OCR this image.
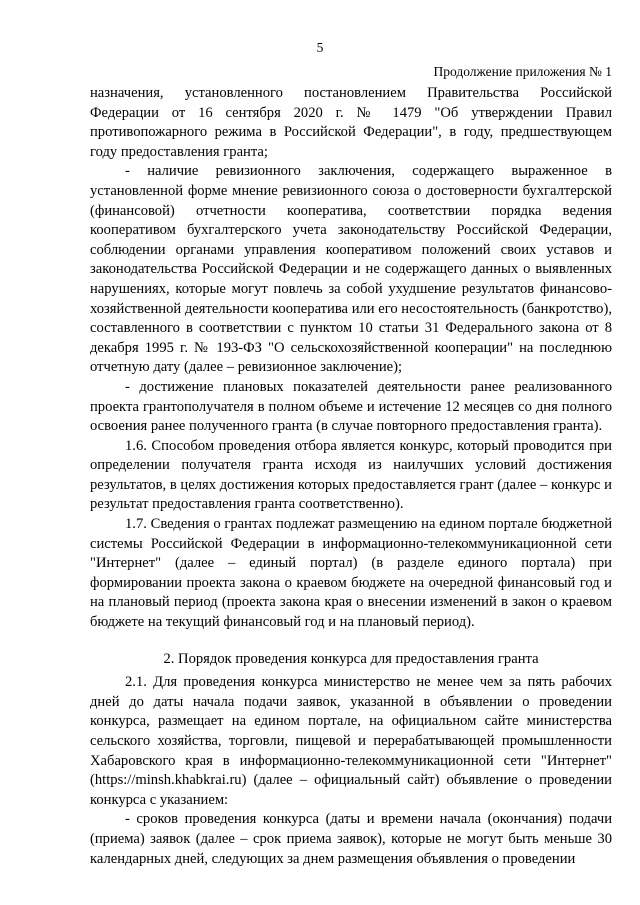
5
Продолжение приложения № 1

назначения, установленного постановлением Правительства Российской Федерации от 16 сентября 2020 г. № 1479 "Об утверждении Правил противопожарного режима в Российской Федерации", в году, предшествующем году предоставления гранта;

- наличие ревизионного заключения, содержащего выраженное в установленной форме мнение ревизионного союза о достоверности бухгалтерской (финансовой) отчетности кооператива, соответствии порядка ведения кооперативом бухгалтерского учета законодательству Российской Федерации, соблюдении органами управления кооперативом положений своих уставов и законодательства Российской Федерации и не содержащего данных о выявленных нарушениях, которые могут повлечь за собой ухудшение результатов финансово-хозяйственной деятельности кооператива или его несостоятельность (банкротство), составленного в соответствии с пунктом 10 статьи 31 Федерального закона от 8 декабря 1995 г. № 193-ФЗ "О сельскохозяйственной кооперации" на последнюю отчетную дату (далее – ревизионное заключение);

- достижение плановых показателей деятельности ранее реализованного проекта грантополучателя в полном объеме и истечение 12 месяцев со дня полного освоения ранее полученного гранта (в случае повторного предоставления гранта).

1.6. Способом проведения отбора является конкурс, который проводится при определении получателя гранта исходя из наилучших условий достижения результатов, в целях достижения которых предоставляется грант (далее – конкурс и результат предоставления гранта соответственно).

1.7. Сведения о грантах подлежат размещению на едином портале бюджетной системы Российской Федерации в информационно-телекоммуникационной сети "Интернет" (далее – единый портал) (в разделе единого портала) при формировании проекта закона о краевом бюджете на очередной финансовый год и на плановый период (проекта закона края о внесении изменений в закон о краевом бюджете на текущий финансовый год и на плановый период).

2. Порядок проведения конкурса для предоставления гранта

2.1. Для проведения конкурса министерство не менее чем за пять рабочих дней до даты начала подачи заявок, указанной в объявлении о проведении конкурса, размещает на едином портале, на официальном сайте министерства сельского хозяйства, торговли, пищевой и перерабатывающей промышленности Хабаровского края в информационно-телекоммуникационной сети "Интернет" (https://minsh.khabkrai.ru) (далее – официальный сайт) объявление о проведении конкурса с указанием:

- сроков проведения конкурса (даты и времени начала (окончания) подачи (приема) заявок (далее – срок приема заявок), которые не могут быть меньше 30 календарных дней, следующих за днем размещения объявления о проведении
